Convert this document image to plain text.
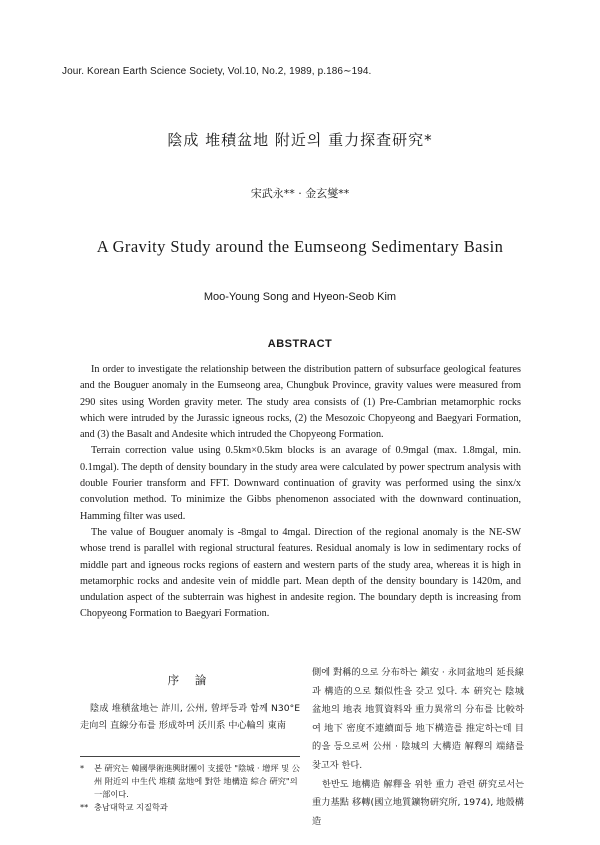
Jour. Korean Earth Science Society, Vol.10, No.2, 1989, p.186∼194.
陰成 堆積盆地 附近의 重力探査研究*
宋武永** · 金玄燮**
A Gravity Study around the Eumseong Sedimentary Basin
Moo-Young Song and Hyeon-Seob Kim
ABSTRACT

In order to investigate the relationship between the distribution pattern of subsurface geological features and the Bouguer anomaly in the Eumseong area, Chungbuk Province, gravity values were measured from 290 sites using Worden gravity meter. The study area consists of (1) Pre-Cambrian metamorphic rocks which were intruded by the Jurassic igneous rocks, (2) the Mesozoic Chopyeong and Baegyari Formation, and (3) the Basalt and Andesite which intruded the Chopyeong Formation.

Terrain correction value using 0.5km×0.5km blocks is an avarage of 0.9mgal (max. 1.8mgal, min. 0.1mgal). The depth of density boundary in the study area were calculated by power spectrum analysis with double Fourier transform and FFT. Downward continuation of gravity was performed using the sinx/x convolution method. To minimize the Gibbs phenomenon associated with the downward continuation, Hamming filter was used.

The value of Bouguer anomaly is -8mgal to 4mgal. Direction of the regional anomaly is the NE-SW whose trend is parallel with regional structural features. Residual anomaly is low in sedimentary rocks of middle part and igneous rocks regions of eastern and western parts of the study area, whereas it is high in metamorphic rocks and andesite vein of middle part. Mean depth of the density boundary is 1420m, and undulation aspect of the subterrain was highest in andesite region. The boundary depth is increasing from Chopyeong Formation to Baegyari Formation.

序 論

陰成 堆積盆地는 詐川, 公州, 曾坪등과 함께 N30°E走向의 直線分布를 形成하며 沃川系 中心輪의 東南

* 본 硏究는 韓國學術進興財團이 支援한 "陰城 · 增坪 및 公州 附近의 中生代 堆積 盆地에 對한 地構造 綜合 硏究"의 一部이다.

** 충남대학교 지질학과

側에 對稱的으로 分布하는 鎭安 · 永同盆地의 延長線과 構造的으로 類似性을 갖고 있다. 本 硏究는 陰城盆地의 地表 地質資料와 重力異常의 分布를 比較하여 地下 密度不連續面등 地下構造를 推定하는데 目的을 등으로써 公州 · 陰城의 大構造 解釋의 端緖를 찾고자 한다.

한반도 地構造 解釋을 위한 重力 관련 硏究로서는 重力基點 移轉(國立地質鑛物硏究所, 1974), 地殼構造
